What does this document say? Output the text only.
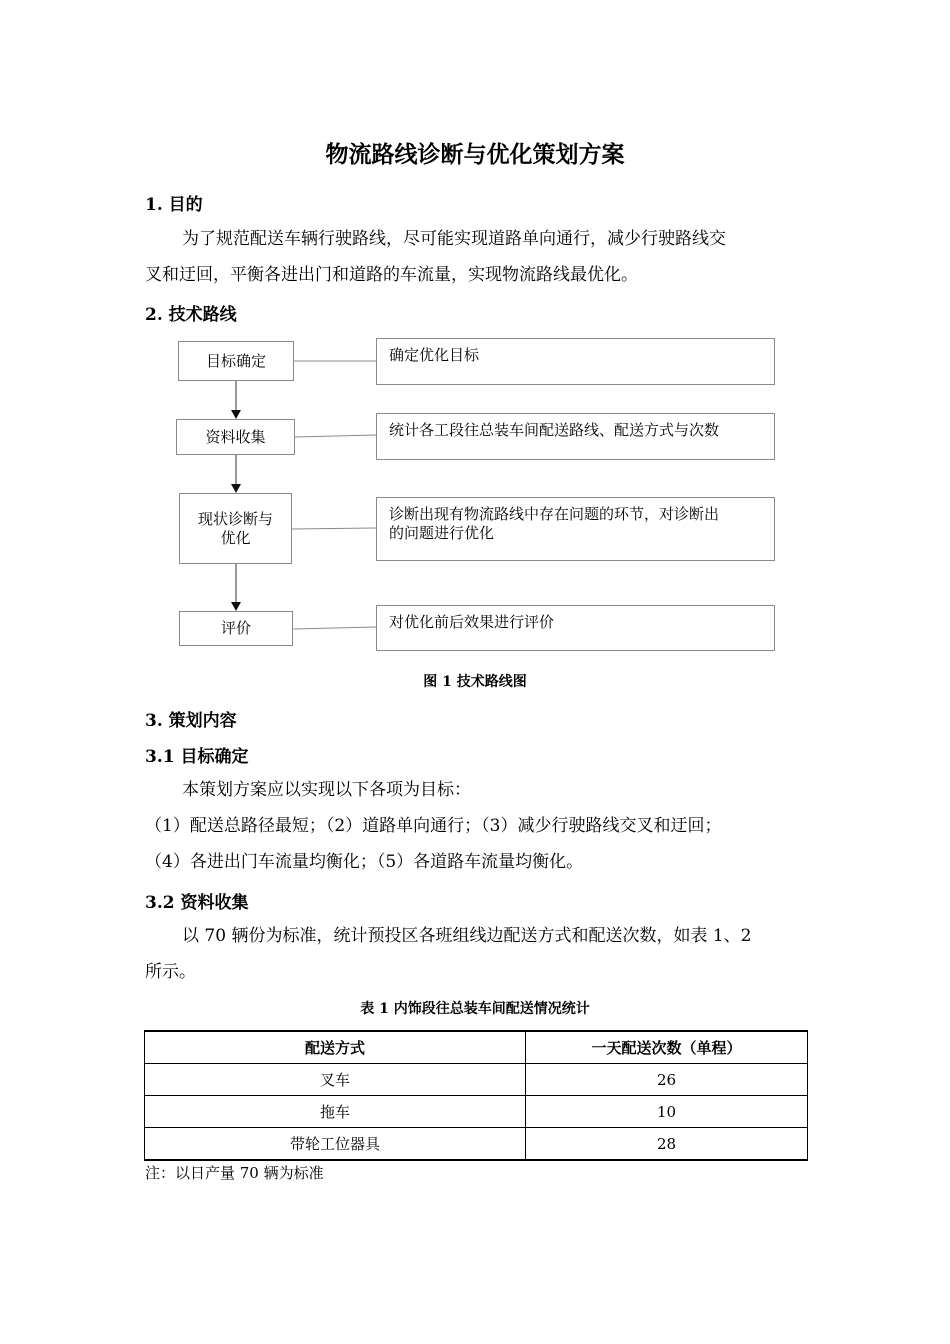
物流路线诊断与优化策划方案
1. 目的
为了规范配送车辆行驶路线，尽可能实现道路单向通行，减少行驶路线交
叉和迂回，平衡各进出门和道路的车流量，实现物流路线最优化。
2. 技术路线
目标确定
资料收集
现状诊断与
优化
评价
确定优化目标
统计各工段往总装车间配送路线、配送方式与次数
诊断出现有物流路线中存在问题的环节，对诊断出
的问题进行优化
对优化前后效果进行评价
图 1 技术路线图
3. 策划内容
3.1 目标确定
本策划方案应以实现以下各项为目标：
（1）配送总路径最短；（2）道路单向通行；（3）减少行驶路线交叉和迂回；
（4）各进出门车流量均衡化；（5）各道路车流量均衡化。
3.2 资料收集
以 70 辆份为标准，统计预投区各班组线边配送方式和配送次数，如表 1、2
所示。
表 1 内饰段往总装车间配送情况统计
配送方式	一天配送次数（单程）
叉车	26
拖车	10
带轮工位器具	28
注：以日产量 70 辆为标准
